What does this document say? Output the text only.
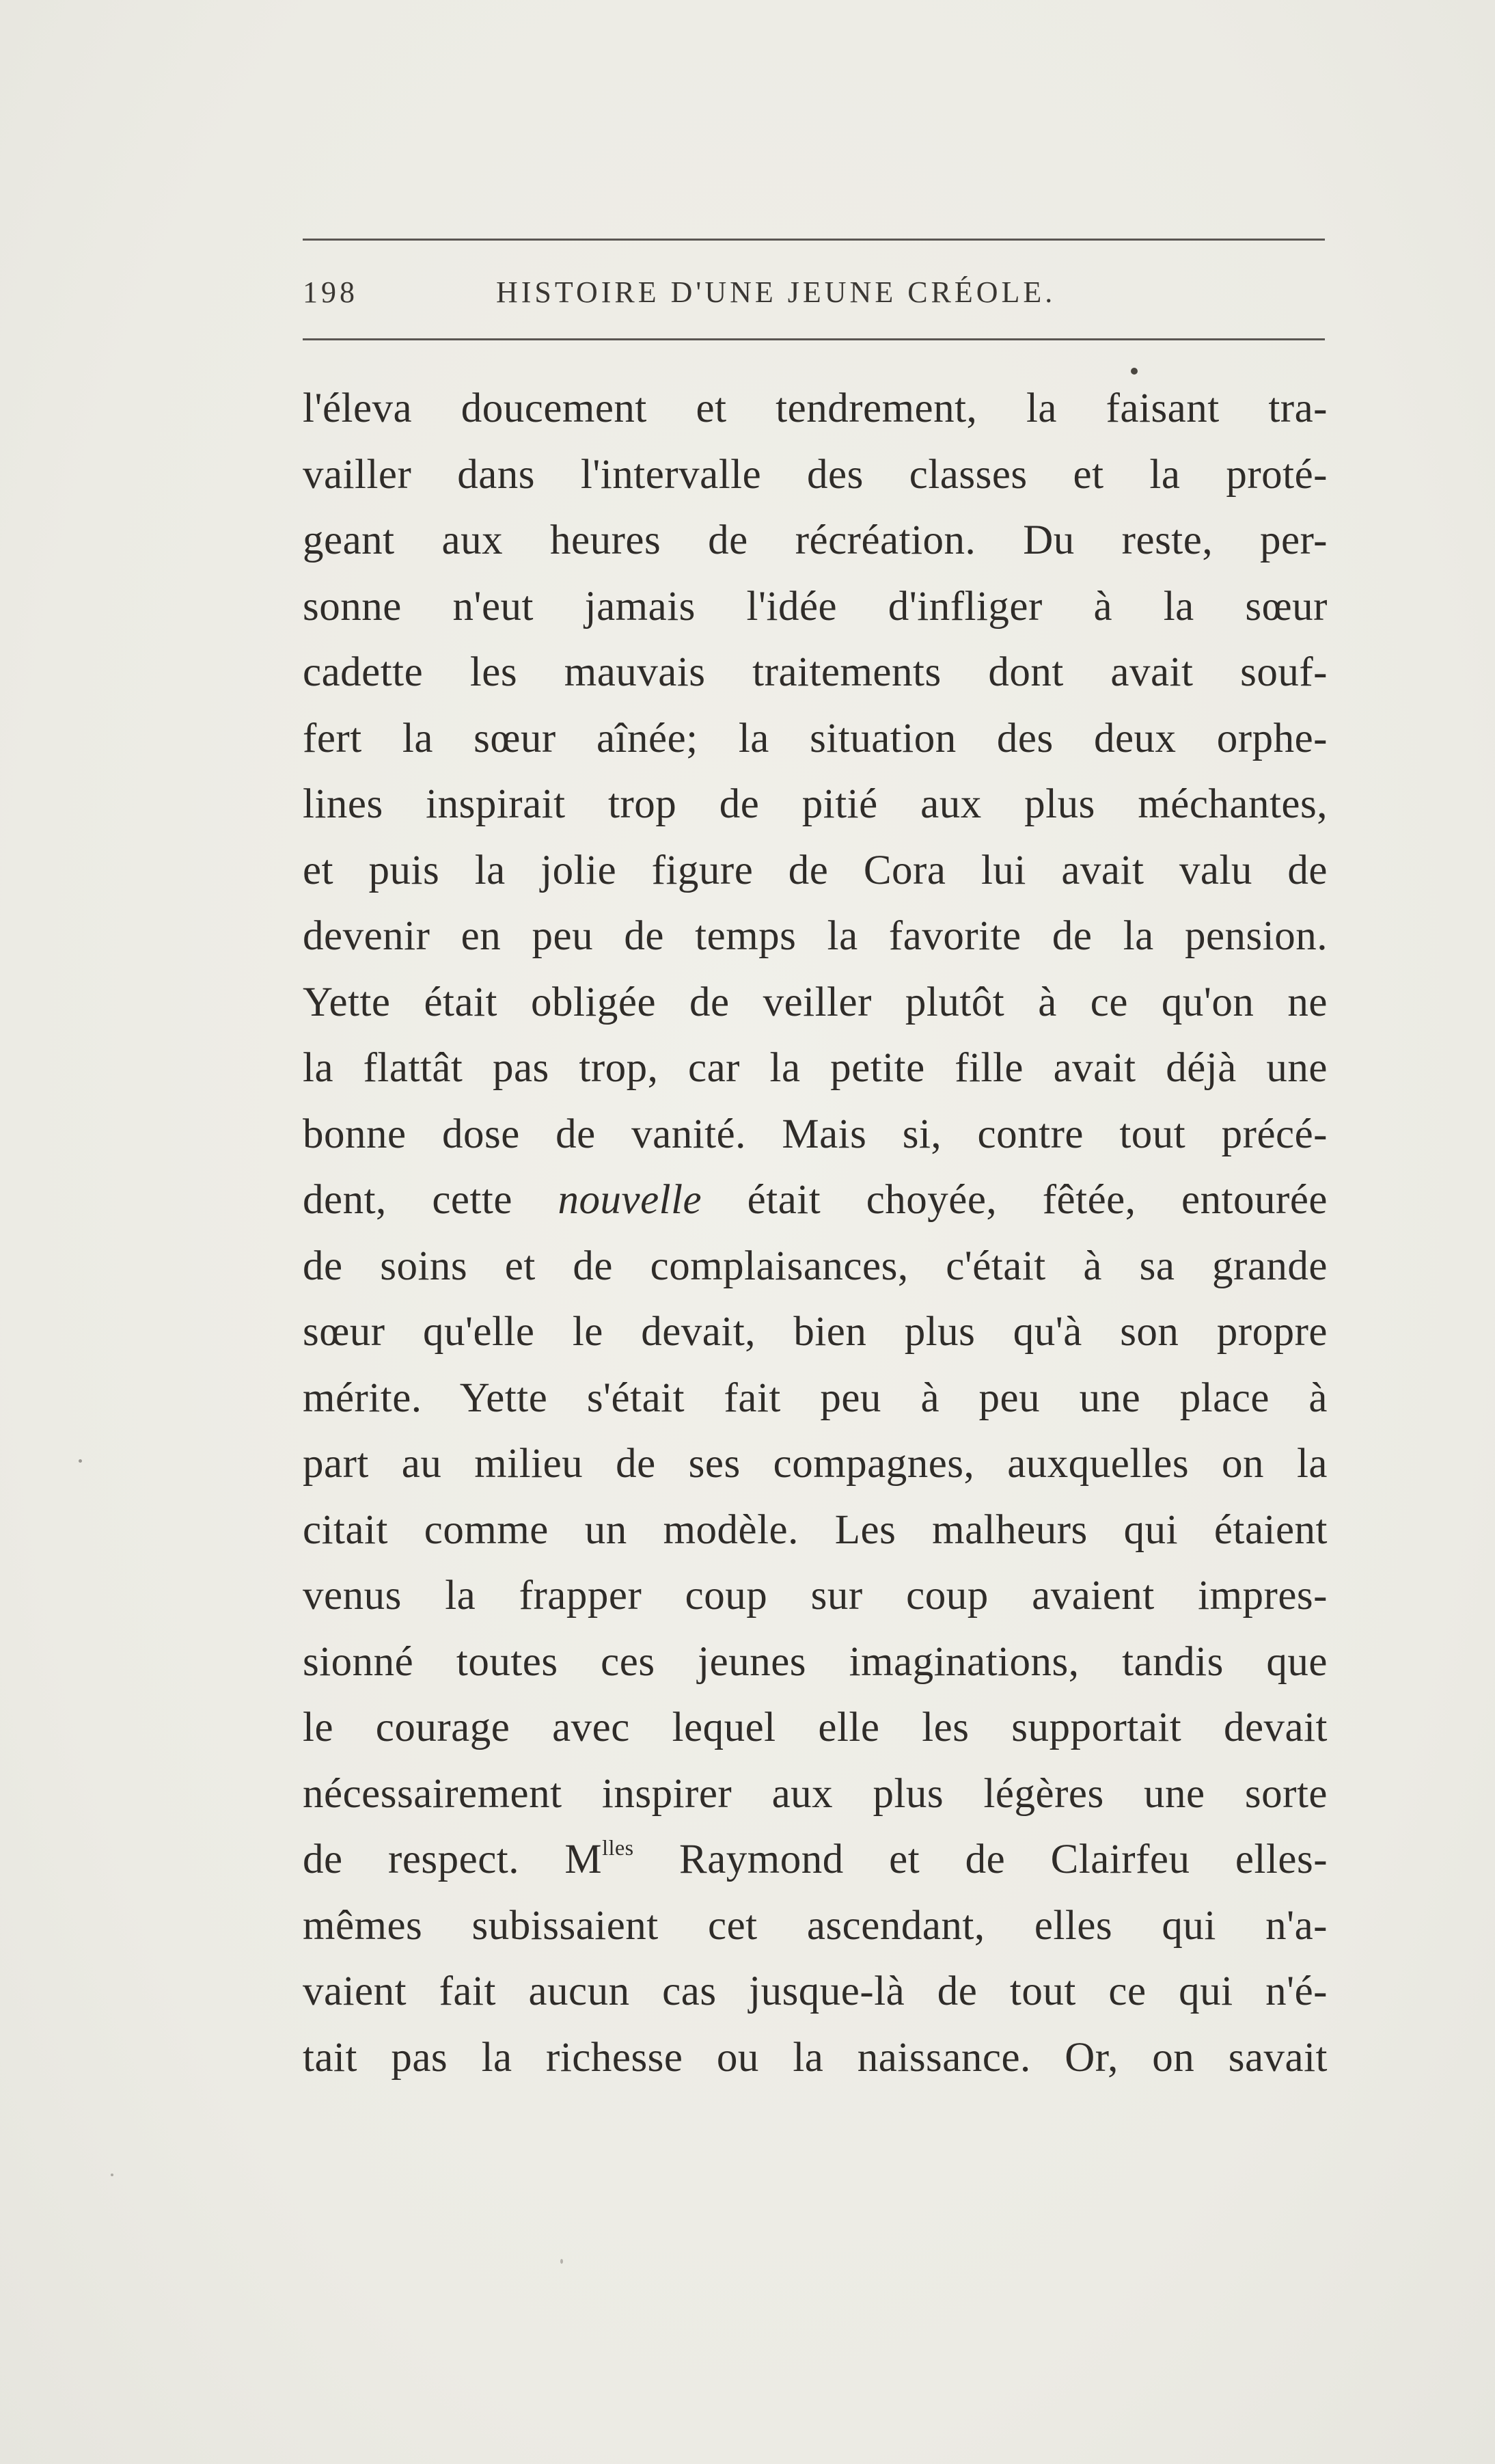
198	HISTOIRE D'UNE JEUNE CRÉOLE.
l'éleva doucement et tendrement, la faisant tra-
vailler dans l'intervalle des classes et la proté-
geant aux heures de récréation. Du reste, per-
sonne n'eut jamais l'idée d'infliger à la sœur
cadette les mauvais traitements dont avait souf-
fert la sœur aînée; la situation des deux orphe-
lines inspirait trop de pitié aux plus méchantes,
et puis la jolie figure de Cora lui avait valu de
devenir en peu de temps la favorite de la pension.
Yette était obligée de veiller plutôt à ce qu'on ne
la flattât pas trop, car la petite fille avait déjà une
bonne dose de vanité. Mais si, contre tout précé-
dent, cette nouvelle était choyée, fêtée, entourée
de soins et de complaisances, c'était à sa grande
sœur qu'elle le devait, bien plus qu'à son propre
mérite. Yette s'était fait peu à peu une place à
part au milieu de ses compagnes, auxquelles on la
citait comme un modèle. Les malheurs qui étaient
venus la frapper coup sur coup avaient impres-
sionné toutes ces jeunes imaginations, tandis que
le courage avec lequel elle les supportait devait
nécessairement inspirer aux plus légères une sorte
de respect. $M^{lles}$ Raymond et de Clairfeu elles-
mêmes subissaient cet ascendant, elles qui n'a-
vaient fait aucun cas jusque-là de tout ce qui n'é-
tait pas la richesse ou la naissance. Or, on savait
